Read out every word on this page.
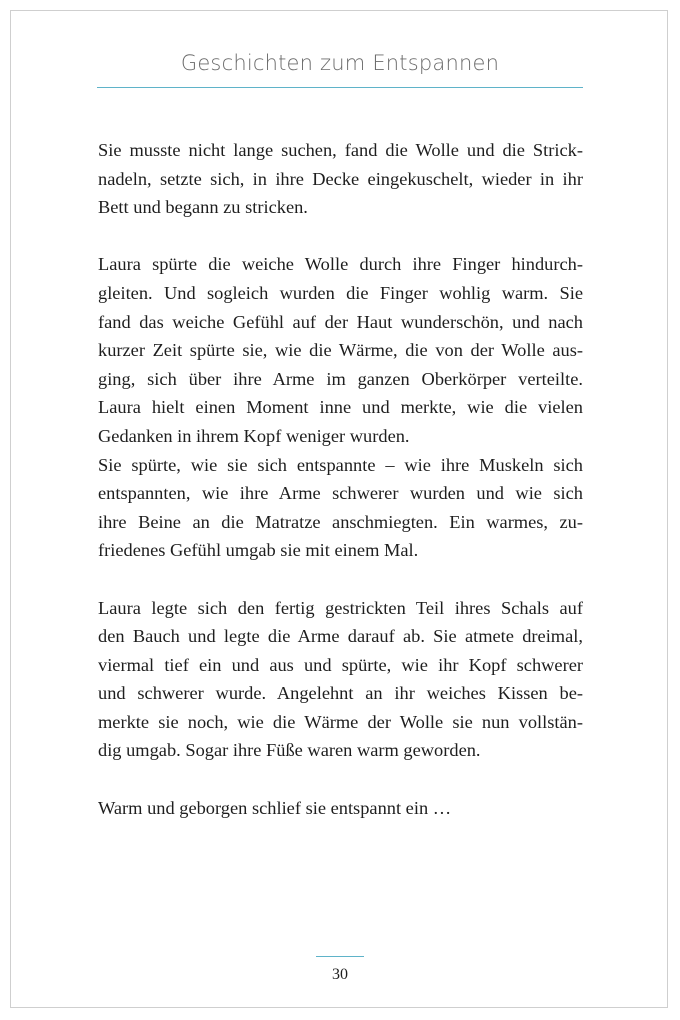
Geschichten zum Entspannen
Sie musste nicht lange suchen, fand die Wolle und die Strick-
nadeln, setzte sich, in ihre Decke eingekuschelt, wieder in ihr
Bett und begann zu stricken.
Laura spürte die weiche Wolle durch ihre Finger hindurch-
gleiten. Und sogleich wurden die Finger wohlig warm. Sie
fand das weiche Gefühl auf der Haut wunderschön, und nach
kurzer Zeit spürte sie, wie die Wärme, die von der Wolle aus-
ging, sich über ihre Arme im ganzen Oberkörper verteilte.
Laura hielt einen Moment inne und merkte, wie die vielen
Gedanken in ihrem Kopf weniger wurden.
Sie spürte, wie sie sich entspannte – wie ihre Muskeln sich
entspannten, wie ihre Arme schwerer wurden und wie sich
ihre Beine an die Matratze anschmiegten. Ein warmes, zu-
friedenes Gefühl umgab sie mit einem Mal.
Laura legte sich den fertig gestrickten Teil ihres Schals auf
den Bauch und legte die Arme darauf ab. Sie atmete dreimal,
viermal tief ein und aus und spürte, wie ihr Kopf schwerer
und schwerer wurde. Angelehnt an ihr weiches Kissen be-
merkte sie noch, wie die Wärme der Wolle sie nun vollstän-
dig umgab. Sogar ihre Füße waren warm geworden.
Warm und geborgen schlief sie entspannt ein …
30
